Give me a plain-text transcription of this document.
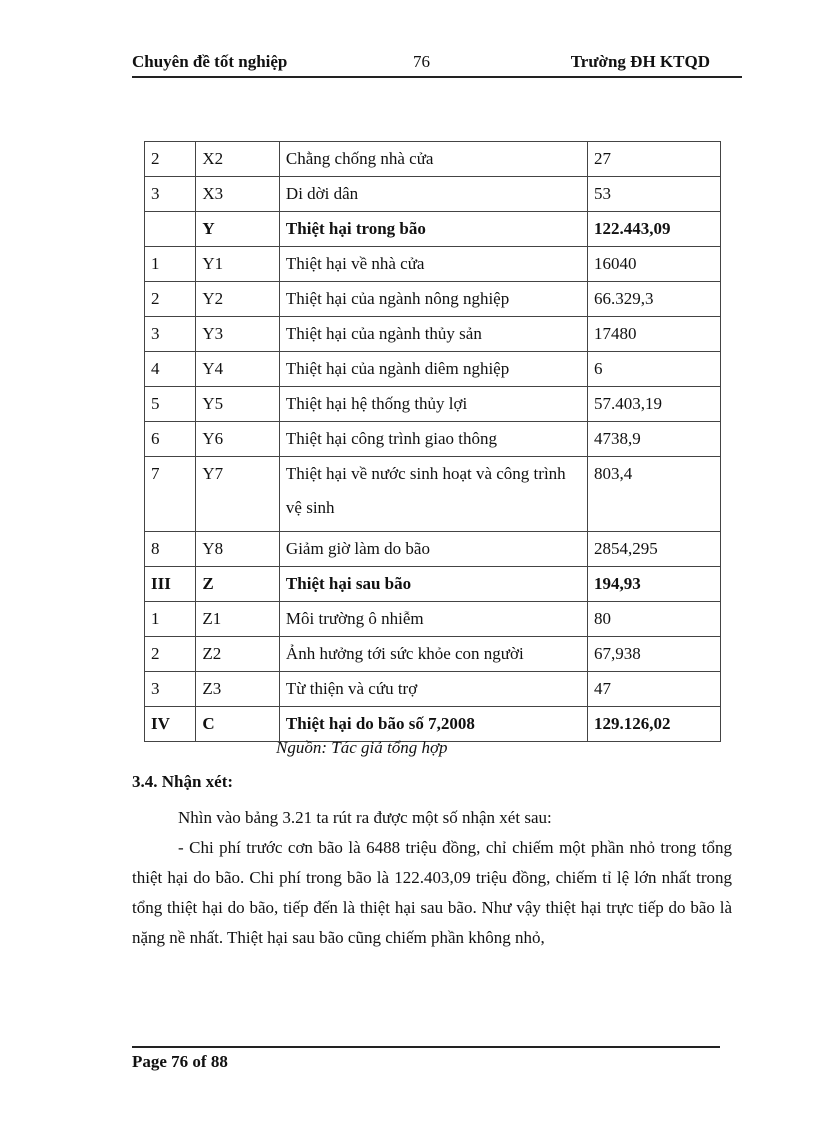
Chuyên đề tốt nghiệp	76	Trường ĐH KTQD
2	X2	Chằng chống nhà cửa	27
3	X3	Di dời dân	53
	Y	Thiệt hại trong bão	122.443,09
1	Y1	Thiệt hại về nhà cửa	16040
2	Y2	Thiệt hại của ngành nông nghiệp	66.329,3
3	Y3	Thiệt hại của ngành thủy sản	17480
4	Y4	Thiệt hại của ngành diêm nghiệp	6
5	Y5	Thiệt hại hệ thống thủy lợi	57.403,19
6	Y6	Thiệt hại công trình giao thông	4738,9
7	Y7	Thiệt hại về nước sinh hoạt và công trình vệ sinh	803,4
8	Y8	Giảm giờ làm do bão	2854,295
III	Z	Thiệt hại sau bão	194,93
1	Z1	Môi trường ô nhiễm	80
2	Z2	Ảnh hưởng tới sức khỏe con người	67,938
3	Z3	Từ thiện và cứu trợ	47
IV	C	Thiệt hại do bão số 7,2008	129.126,02
Nguồn: Tác giả tổng hợp
3.4. Nhận xét:
Nhìn vào bảng 3.21 ta rút ra được một số nhận xét sau:
- Chi phí trước cơn bão là 6488 triệu đồng, chỉ chiếm một phần nhỏ trong tổng thiệt hại do bão. Chi phí trong bão là 122.403,09 triệu đồng, chiếm tỉ lệ lớn nhất trong tổng thiệt hại do bão, tiếp đến là thiệt hại sau bão. Như vậy thiệt hại trực tiếp do bão là nặng nề nhất. Thiệt hại sau bão cũng chiếm phần không nhỏ,
Page 76 of 88
